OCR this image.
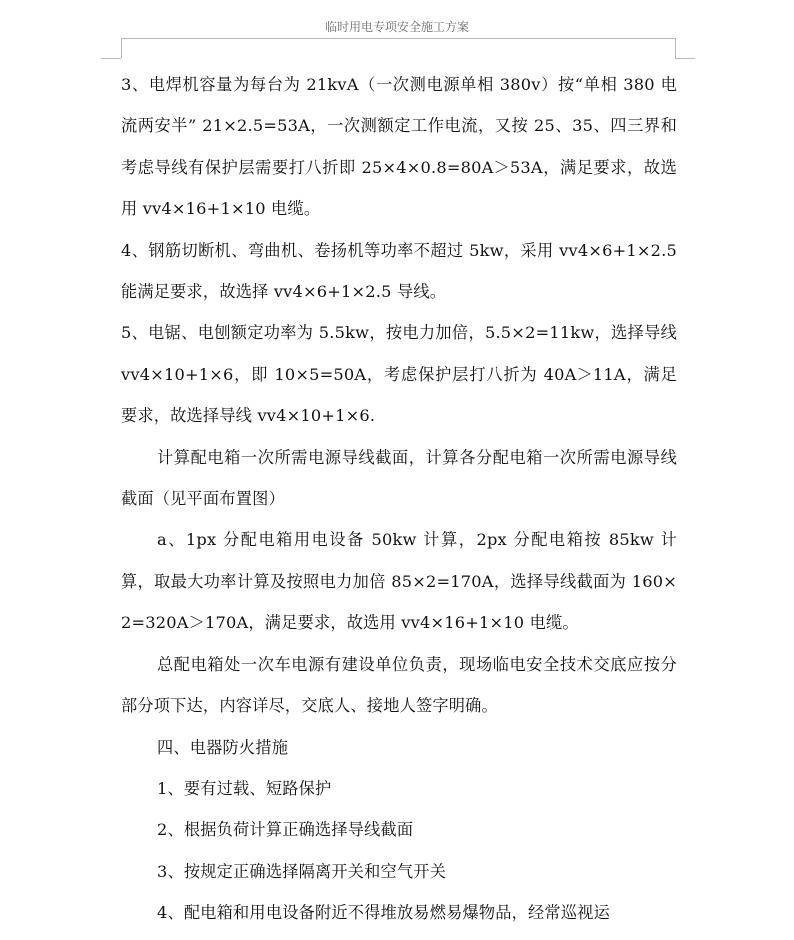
临时用电专项安全施工方案

3、电焊机容量为每台为 21kvA（一次测电源单相 380v）按“单相 380 电流两安半” 21×2.5=53A，一次测额定工作电流，又按 25、35、四三界和考虑导线有保护层需要打八折即 25×4×0.8=80A＞53A，满足要求，故选用 vv4×16+1×10 电缆。

4、钢筋切断机、弯曲机、卷扬机等功率不超过 5kw，采用 vv4×6+1×2.5 能满足要求，故选择 vv4×6+1×2.5 导线。

5、电锯、电刨额定功率为 5.5kw，按电力加倍，5.5×2=11kw，选择导线 vv4×10+1×6，即 10×5=50A，考虑保护层打八折为 40A＞11A，满足要求，故选择导线 vv4×10+1×6.

计算配电箱一次所需电源导线截面，计算各分配电箱一次所需电源导线截面（见平面布置图）

a、1px 分配电箱用电设备 50kw 计算，2px 分配电箱按 85kw 计算，取最大功率计算及按照电力加倍 85×2=170A，选择导线截面为 160×2=320A＞170A，满足要求，故选用 vv4×16+1×10 电缆。

总配电箱处一次车电源有建设单位负责，现场临电安全技术交底应按分部分项下达，内容详尽，交底人、接地人签字明确。

四、电器防火措施

1、要有过载、短路保护

2、根据负荷计算正确选择导线截面

3、按规定正确选择隔离开关和空气开关

4、配电箱和用电设备附近不得堆放易燃易爆物品，经常巡视运
